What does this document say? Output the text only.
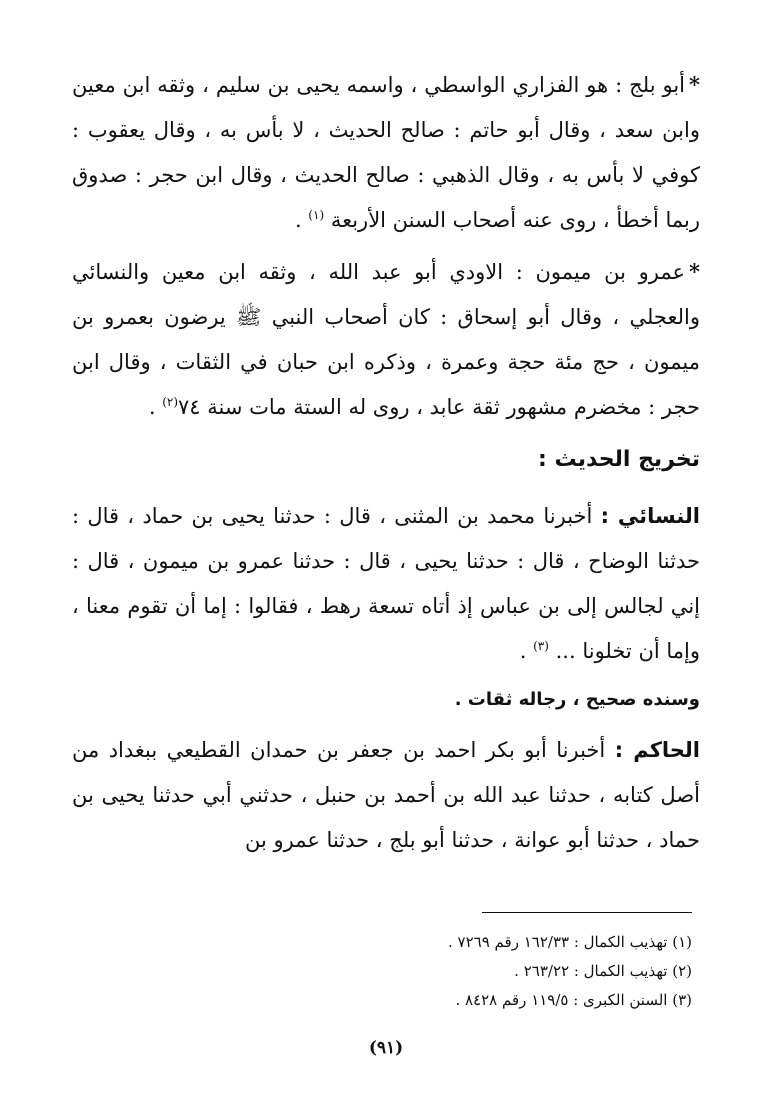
*أبو بلج : هو الفزاري الواسطي ، واسمه يحيى بن سليم ، وثقه ابن معين وابن سعد ، وقال أبو حاتم : صالح الحديث ، لا بأس به ، وقال يعقوب : كوفي لا بأس به ، وقال الذهبي : صالح الحديث ، وقال ابن حجر : صدوق ربما أخطأ ، روى عنه أصحاب السنن الأربعة $^{(١)}$ .

*عمرو بن ميمون : الاودي أبو عبد الله ، وثقه ابن معين والنسائي والعجلي ، وقال أبو إسحاق : كان أصحاب النبي ﷺ يرضون بعمرو بن ميمون ، حج مئة حجة وعمرة ، وذكره ابن حبان في الثقات ، وقال ابن حجر : مخضرم مشهور ثقة عابد ، روى له الستة مات سنة ٧٤$^{(٢)}$ .

تخريج الحديث :

النسائي : أخبرنا محمد بن المثنى ، قال : حدثنا يحيى بن حماد ، قال : حدثنا الوضاح ، قال : حدثنا يحيى ، قال : حدثنا عمرو بن ميمون ، قال : إني لجالس إلى بن عباس إذ أتاه تسعة رهط ، فقالوا : إما أن تقوم معنا ، وإما أن تخلونا ... $^{(٣)}$ .

وسنده صحيح ، رجاله ثقات .

الحاكم : أخبرنا أبو بكر احمد بن جعفر بن حمدان القطيعي ببغداد من أصل كتابه ، حدثنا عبد الله بن أحمد بن حنبل ، حدثني أبي حدثنا يحيى بن حماد ، حدثنا أبو عوانة ، حدثنا أبو بلج ، حدثنا عمرو بن

(١) تهذيب الكمال : ١٦٢/٣٣ رقم ٧٢٦٩ .
(٢) تهذيب الكمال : ٢٦٣/٢٢ .
(٣) السنن الكبرى : ١١٩/٥ رقم ٨٤٢٨ .
(٩١)
